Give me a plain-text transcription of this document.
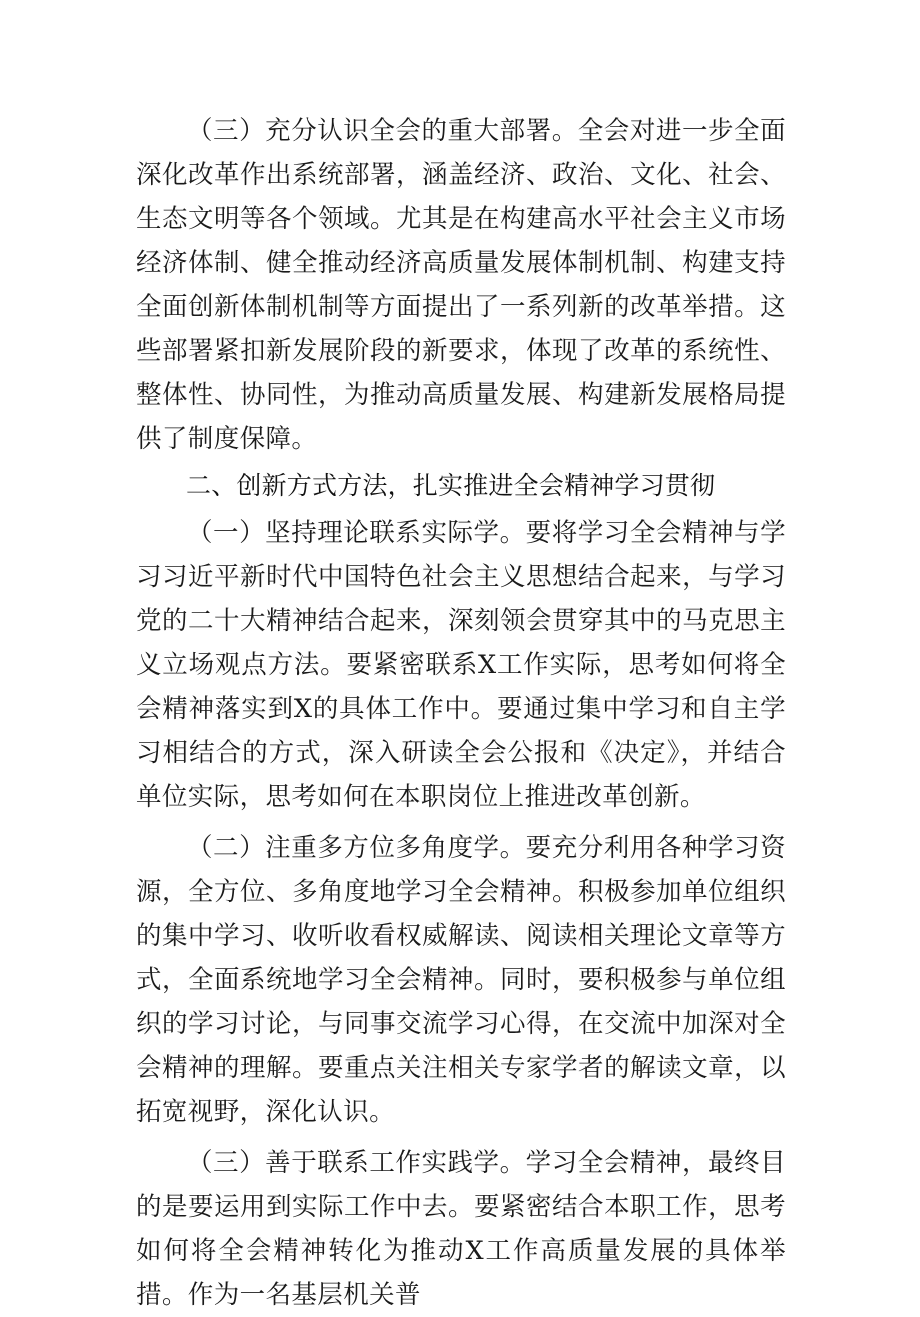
（三）充分认识全会的重大部署。全会对进一步全面深化改革作出系统部署，涵盖经济、政治、文化、社会、生态文明等各个领域。尤其是在构建高水平社会主义市场经济体制、健全推动经济高质量发展体制机制、构建支持全面创新体制机制等方面提出了一系列新的改革举措。这些部署紧扣新发展阶段的新要求，体现了改革的系统性、整体性、协同性，为推动高质量发展、构建新发展格局提供了制度保障。

二、创新方式方法，扎实推进全会精神学习贯彻

（一）坚持理论联系实际学。要将学习全会精神与学习习近平新时代中国特色社会主义思想结合起来，与学习党的二十大精神结合起来，深刻领会贯穿其中的马克思主义立场观点方法。要紧密联系X工作实际，思考如何将全会精神落实到X的具体工作中。要通过集中学习和自主学习相结合的方式，深入研读全会公报和《决定》，并结合单位实际，思考如何在本职岗位上推进改革创新。

（二）注重多方位多角度学。要充分利用各种学习资源，全方位、多角度地学习全会精神。积极参加单位组织的集中学习、收听收看权威解读、阅读相关理论文章等方式，全面系统地学习全会精神。同时，要积极参与单位组织的学习讨论，与同事交流学习心得，在交流中加深对全会精神的理解。要重点关注相关专家学者的解读文章，以拓宽视野，深化认识。

（三）善于联系工作实践学。学习全会精神，最终目的是要运用到实际工作中去。要紧密结合本职工作，思考如何将全会精神转化为推动X工作高质量发展的具体举措。作为一名基层机关普
